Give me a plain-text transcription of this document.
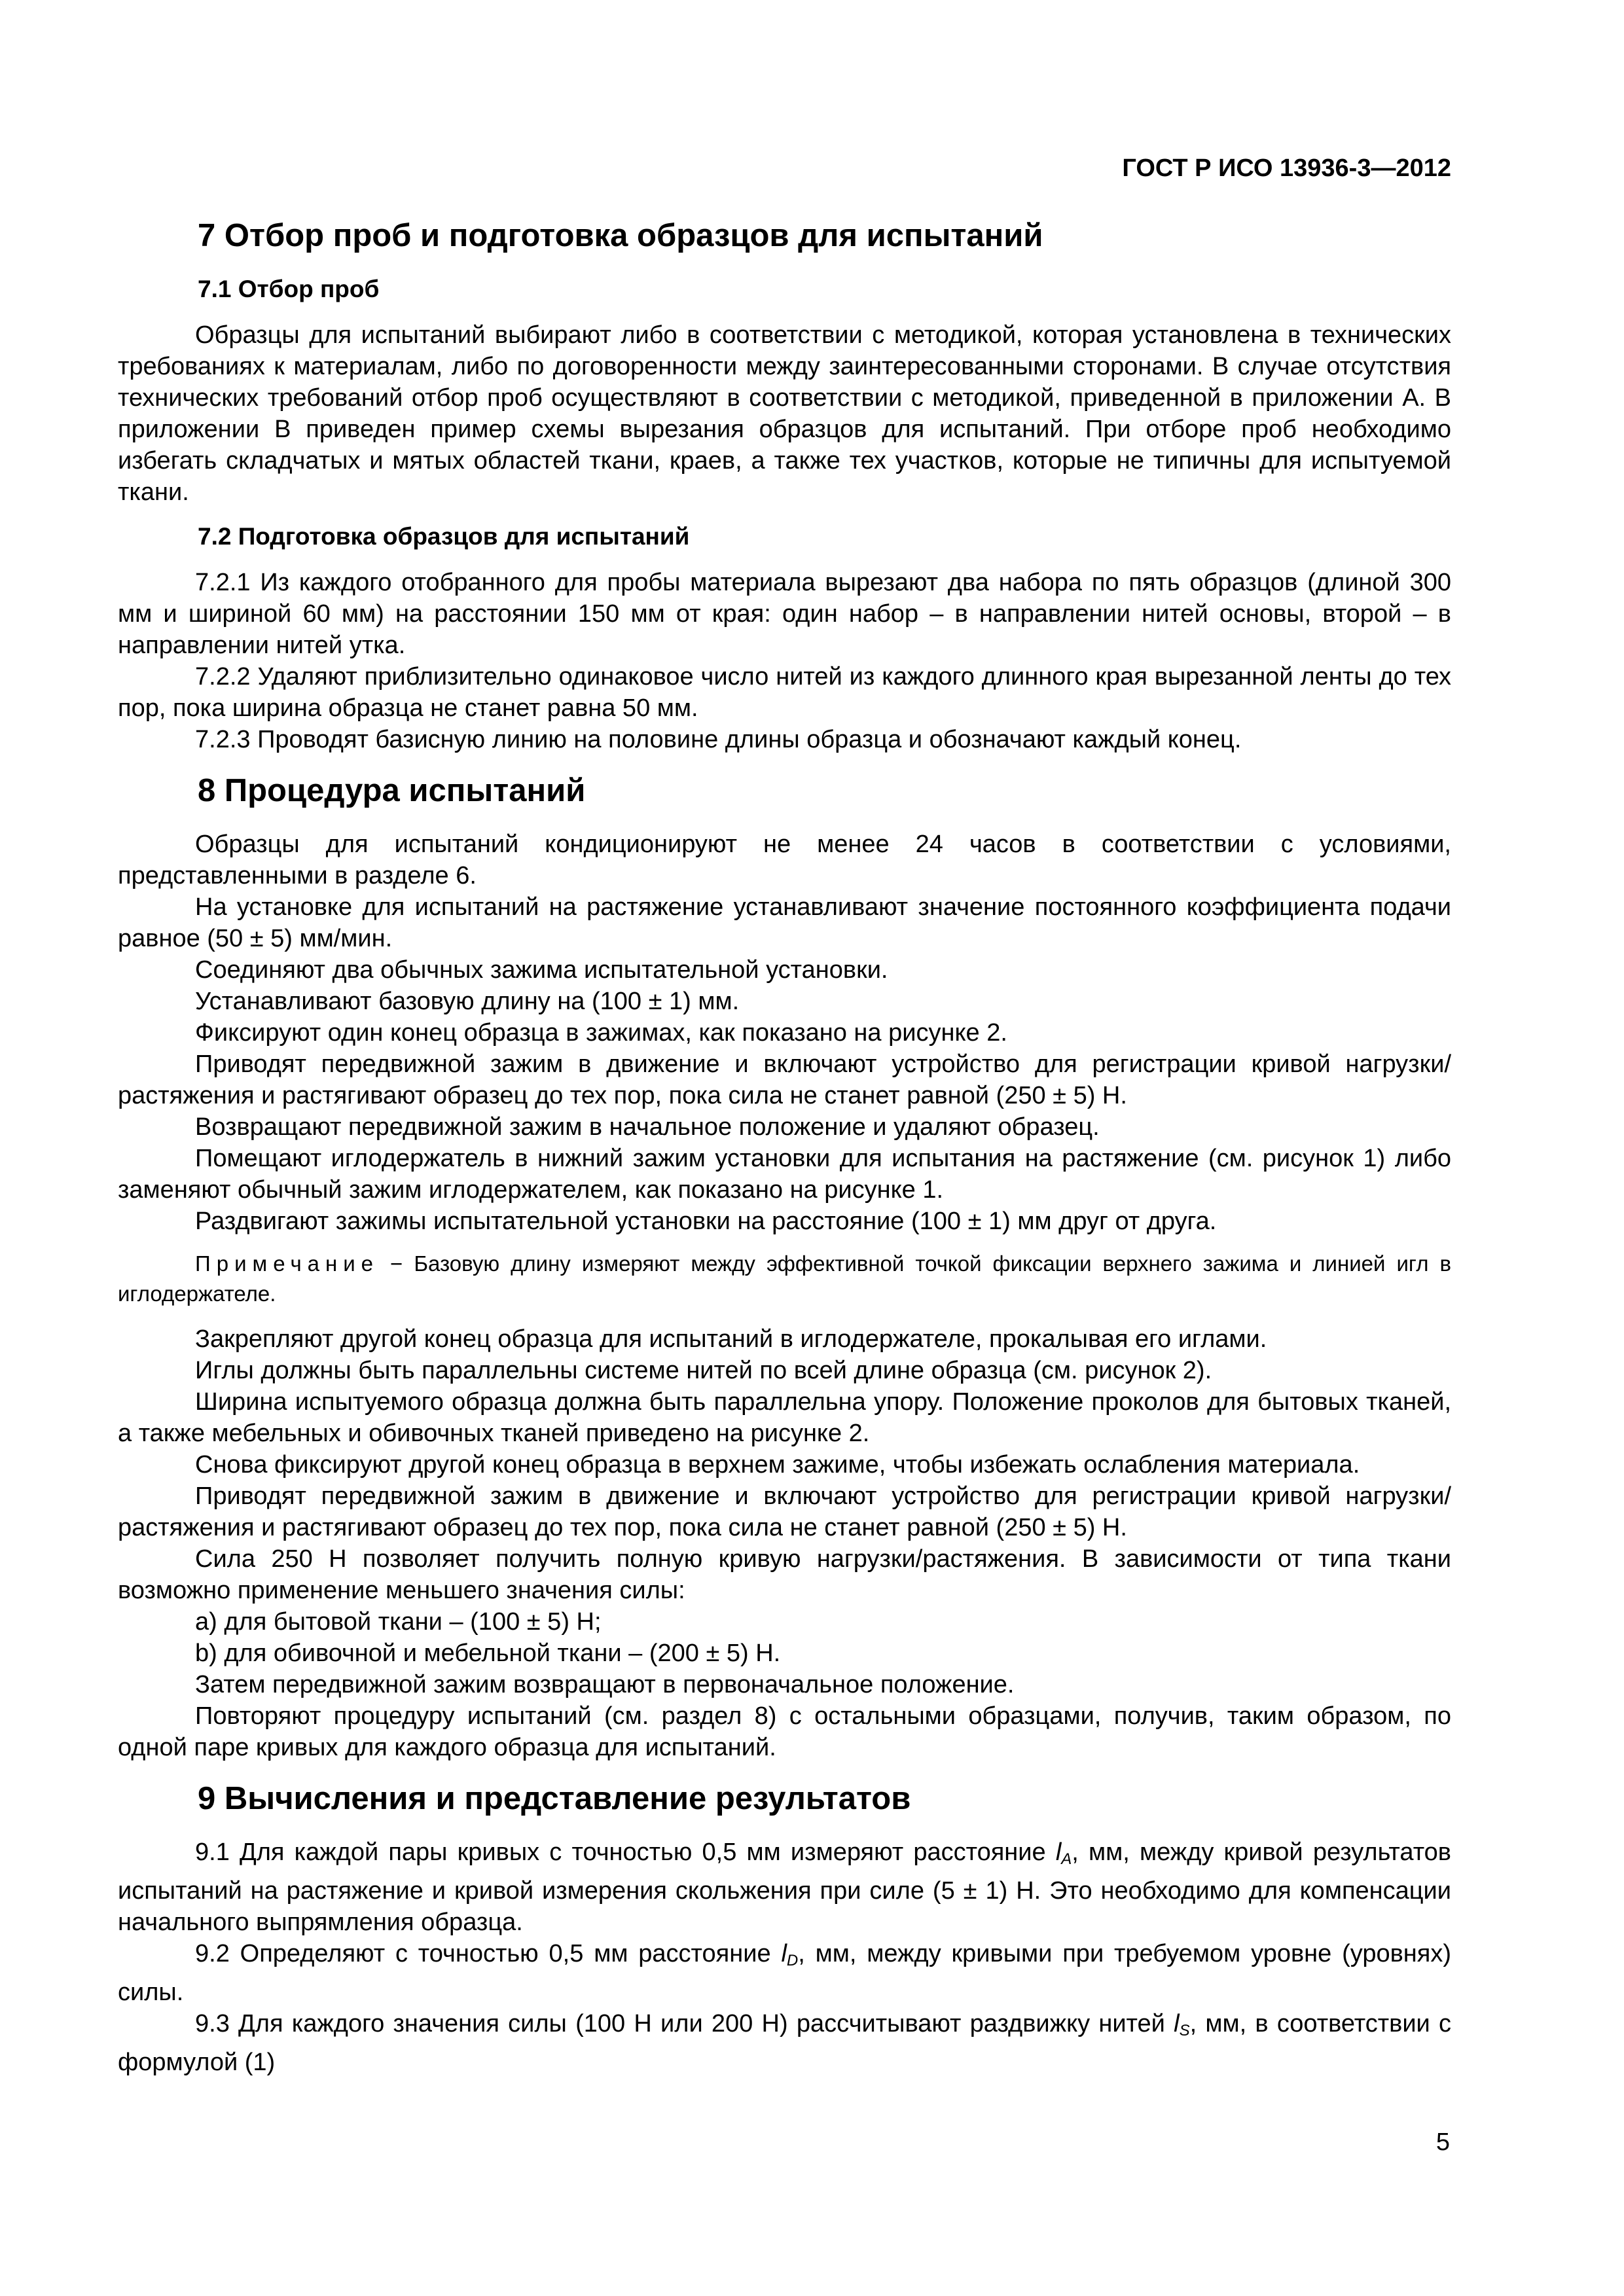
ГОСТ Р ИСО 13936-3—2012
7 Отбор проб и подготовка образцов для испытаний
7.1 Отбор проб

Образцы для испытаний выбирают либо в соответствии с методикой, которая установлена в технических требованиях к материалам, либо по договоренности между заинтересованными сторонами. В случае отсутствия технических требований отбор проб осуществляют в соответствии с методикой, приведенной в приложении А. В приложении В приведен пример схемы вырезания образцов для испытаний. При отборе проб необходимо избегать складчатых и мятых областей ткани, краев, а также тех участков, которые не типичны для испытуемой ткани.

7.2 Подготовка образцов для испытаний

7.2.1 Из каждого отобранного для пробы материала вырезают два набора по пять образцов (длиной 300 мм и шириной 60 мм) на расстоянии 150 мм от края: один набор – в направлении нитей основы, второй – в направлении нитей утка.

7.2.2 Удаляют приблизительно одинаковое число нитей из каждого длинного края вырезанной ленты до тех пор, пока ширина образца не станет равна 50 мм.

7.2.3 Проводят базисную линию на половине длины образца и обозначают каждый конец.

8 Процедура испытаний

Образцы для испытаний кондиционируют не менее 24 часов в соответствии с условиями, представленными в разделе 6.

На установке для испытаний на растяжение устанавливают значение постоянного коэффициента подачи равное (50 ± 5) мм/мин.

Соединяют два обычных зажима испытательной установки.

Устанавливают базовую длину на (100 ± 1) мм.

Фиксируют один конец образца в зажимах, как показано на рисунке 2.

Приводят передвижной зажим в движение и включают устройство для регистрации кривой нагрузки/растяжения и растягивают образец до тех пор, пока сила не станет равной (250 ± 5) Н.

Возвращают передвижной зажим в начальное положение и удаляют образец.

Помещают иглодержатель в нижний зажим установки для испытания на растяжение (см. рисунок 1) либо заменяют обычный зажим иглодержателем, как показано на рисунке 1.

Раздвигают зажимы испытательной установки на расстояние (100 ± 1) мм друг от друга.

Примечание − Базовую длину измеряют между эффективной точкой фиксации верхнего зажима и линией игл в иглодержателе.

Закрепляют другой конец образца для испытаний в иглодержателе, прокалывая его иглами.

Иглы должны быть параллельны системе нитей по всей длине образца (см. рисунок 2).

Ширина испытуемого образца должна быть параллельна упору. Положение проколов для бытовых тканей, а также мебельных и обивочных тканей приведено на рисунке 2.

Снова фиксируют другой конец образца в верхнем зажиме, чтобы избежать ослабления материала.

Приводят передвижной зажим в движение и включают устройство для регистрации кривой нагрузки/растяжения и растягивают образец до тех пор, пока сила не станет равной (250 ± 5) Н.

Сила 250 Н позволяет получить полную кривую нагрузки/растяжения. В зависимости от типа ткани возможно применение меньшего значения силы:

a) для бытовой ткани – (100 ± 5) Н;

b) для обивочной и мебельной ткани – (200 ± 5) Н.

Затем передвижной зажим возвращают в первоначальное положение.

Повторяют процедуру испытаний (см. раздел 8) с остальными образцами, получив, таким образом, по одной паре кривых для каждого образца для испытаний.

9 Вычисления и представление результатов

9.1 Для каждой пары кривых с точностью 0,5 мм измеряют расстояние $l_A$, мм, между кривой результатов испытаний на растяжение и кривой измерения скольжения при силе (5 ± 1) Н. Это необходимо для компенсации начального выпрямления образца.

9.2 Определяют с точностью 0,5 мм расстояние $l_D$, мм, между кривыми при требуемом уровне (уровнях) силы.

9.3 Для каждого значения силы (100 Н или 200 Н) рассчитывают раздвижку нитей $l_S$, мм, в соответствии с формулой (1)

5
